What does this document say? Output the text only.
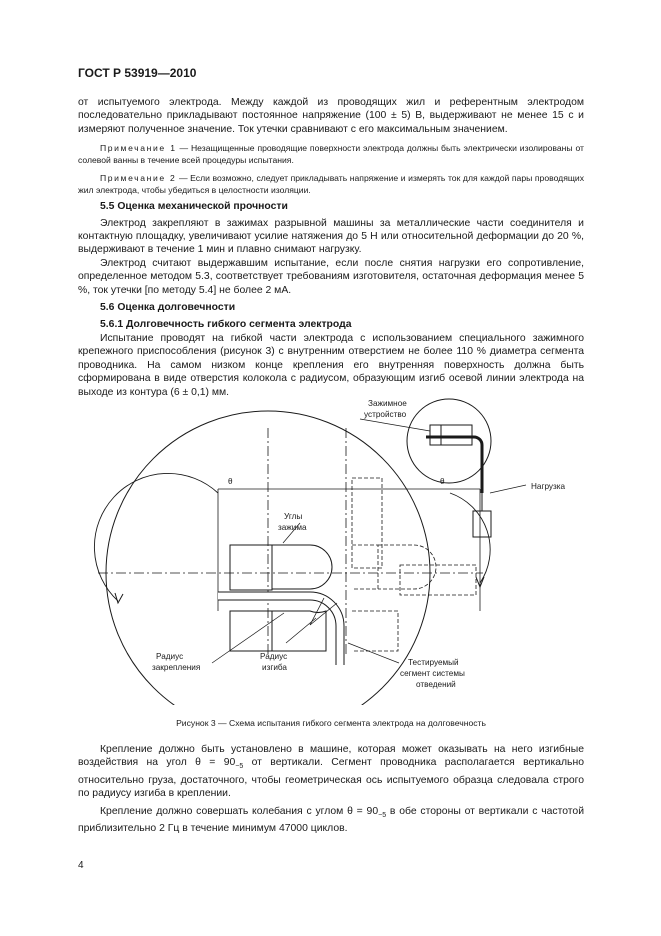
ГОСТ Р 53919—2010

от испытуемого электрода. Между каждой из проводящих жил и референтным электродом последовательно прикладывают постоянное напряжение (100 ± 5) В, выдерживают не менее 15 с и измеряют полученное значение. Ток утечки сравнивают с его максимальным значением.

Примечание 1 — Незащищенные проводящие поверхности электрода должны быть электрически изолированы от солевой ванны в течение всей процедуры испытания.

Примечание 2 — Если возможно, следует прикладывать напряжение и измерять ток для каждой пары проводящих жил электрода, чтобы убедиться в целостности изоляции.

5.5 Оценка механической прочности

Электрод закрепляют в зажимах разрывной машины за металлические части соединителя и контактную площадку, увеличивают усилие натяжения до 5 Н или относительной деформации до 20 %, выдерживают в течение 1 мин и плавно снимают нагрузку.

Электрод считают выдержавшим испытание, если после снятия нагрузки его сопротивление, определенное методом 5.3, соответствует требованиям изготовителя, остаточная деформация менее 5 %, ток утечки [по методу 5.4] не более 2 мА.

5.6 Оценка долговечности

5.6.1 Долговечность гибкого сегмента электрода

Испытание проводят на гибкой части электрода с использованием специального зажимного крепежного приспособления (рисунок 3) с внутренним отверстием не более 110 % диаметра сегмента проводника. На самом низком конце крепления его внутренняя поверхность должна быть сформирована в виде отверстия колокола с радиусом, образующим изгиб осевой линии электрода на выходе из контура (6 ± 0,1) мм.

Зажимное
устройство
Нагрузка
θ	θ
Углы
зажима
Радиус
закрепления
Радиус
изгиба
Тестируемый
сегмент системы
отведений
Рисунок 3 — Схема испытания гибкого сегмента электрода на долговечность

Крепление должно быть установлено в машине, которая может оказывать на него изгибные воздействия на угол $\theta = 90_{-5}$ от вертикали. Сегмент проводника располагается вертикально относительно груза, достаточного, чтобы геометрическая ось испытуемого образца следовала строго по радиусу изгиба в креплении.

Крепление должно совершать колебания с углом $\theta = 90_{-5}$ в обе стороны от вертикали с частотой приблизительно 2 Гц в течение минимум 47000 циклов.

4
